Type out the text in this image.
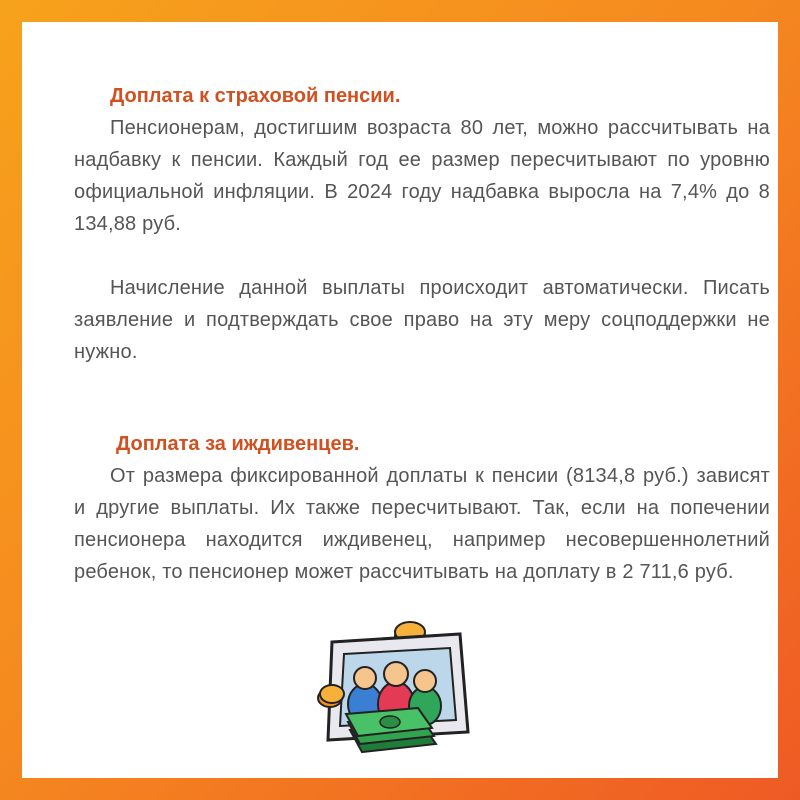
Доплата к страховой пенсии.

Пенсионерам, достигшим возраста 80 лет, можно рассчитывать на надбавку к пенсии. Каждый год ее размер пересчитывают по уровню официальной инфляции. В 2024 году надбавка выросла на 7,4% до 8 134,88 руб.

Начисление данной выплаты происходит автоматически. Писать заявление и подтверждать свое право на эту меру соцподдержки не нужно.

Доплата за иждивенцев.

От размера фиксированной доплаты к пенсии (8134,8 руб.) зависят и другие выплаты. Их также пересчитывают. Так, если на попечении пенсионера находится иждивенец, например несовершеннолетний ребенок, то пенсионер может рассчитывать на доплату в 2 711,6 руб.
